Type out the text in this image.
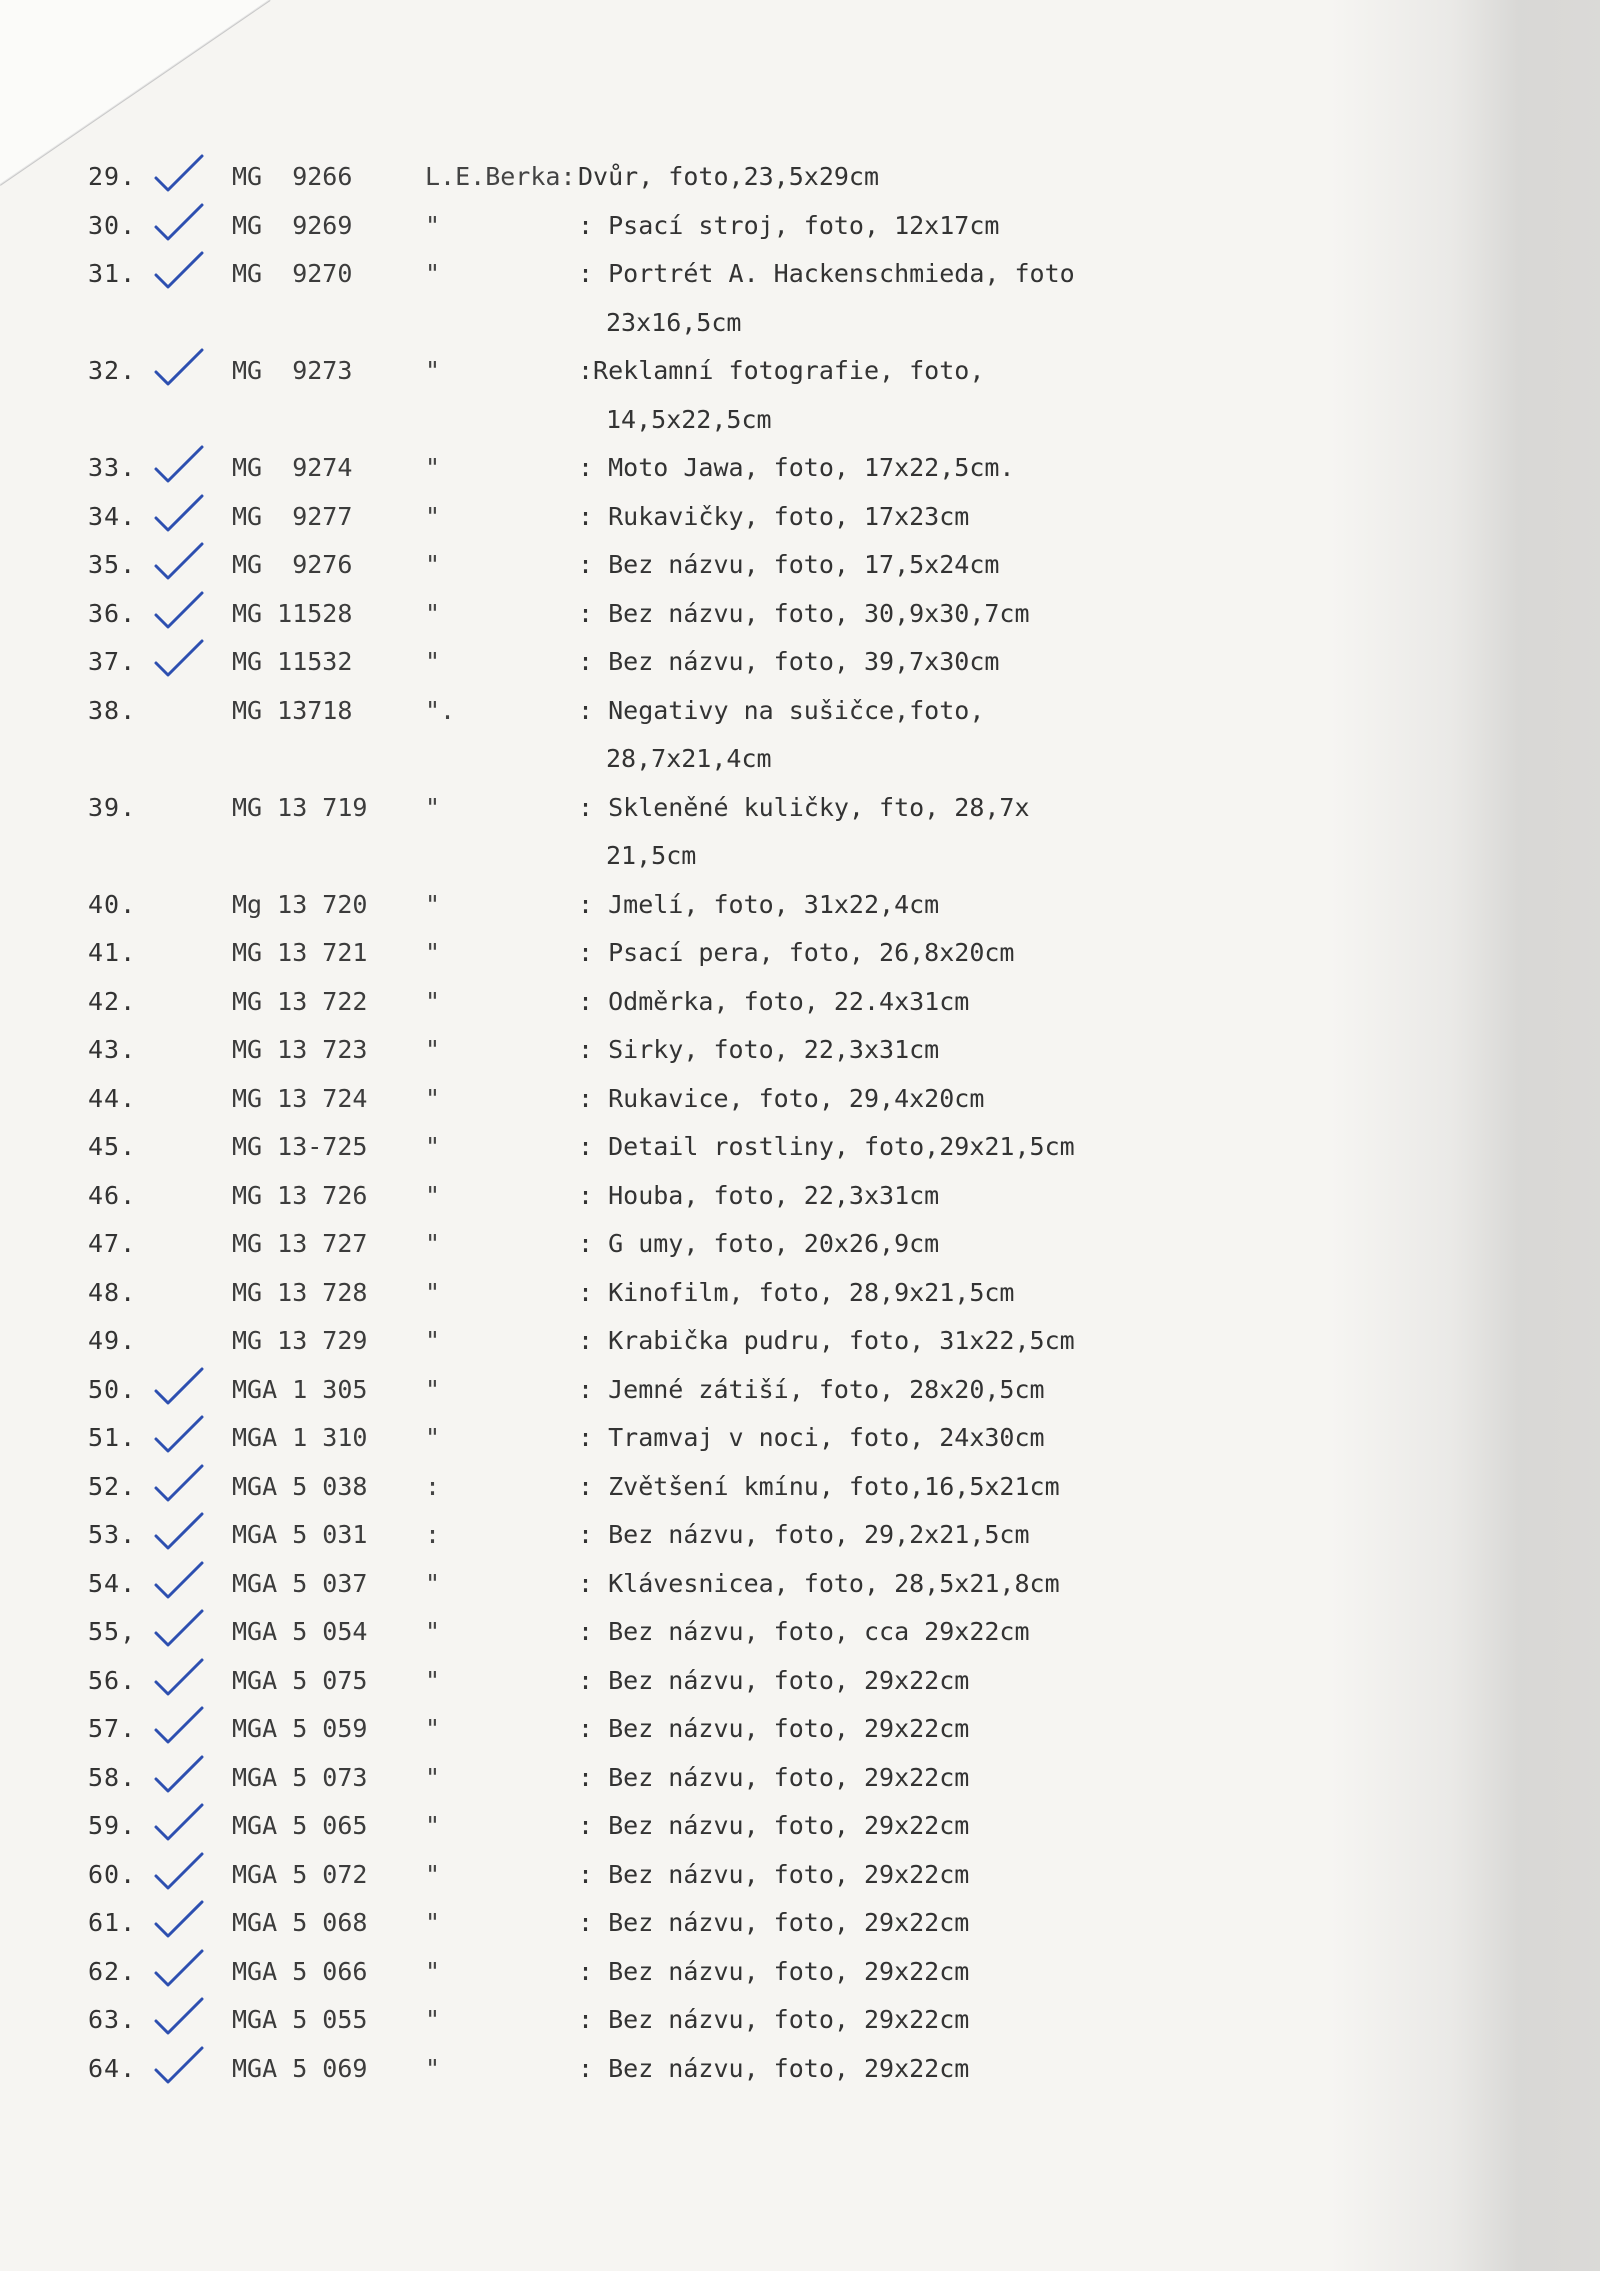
29.	MG  9266	L.E.Berka: Dvůr, foto,23,5x29cm
30.	MG  9269	"	: Psací stroj, foto, 12x17cm
31.	MG  9270	"	: Portrét A. Hackenschmieda, foto
23x16,5cm
32.	MG  9273	"	:Reklamní fotografie, foto,
14,5x22,5cm
33.	MG  9274	"	: Moto Jawa, foto, 17x22,5cm.
34.	MG  9277	"	: Rukavičky, foto, 17x23cm
35.	MG  9276	"	: Bez názvu, foto, 17,5x24cm
36.	MG 11528	"	: Bez názvu, foto, 30,9x30,7cm
37.	MG 11532	"	: Bez názvu, foto, 39,7x30cm
38.	MG 13718	".	: Negativy na sušičce,foto,
28,7x21,4cm
39.	MG 13 719 "	: Skleněné kuličky, fto, 28,7x
21,5cm
40.	Mg 13 720 "	: Jmelí, foto, 31x22,4cm
41.	MG 13 721 "	: Psací pera, foto, 26,8x20cm
42.	MG 13 722 "	: Odměrka, foto, 22.4x31cm
43.	MG 13 723 "	: Sirky, foto, 22,3x31cm
44.	MG 13 724 "	: Rukavice, foto, 29,4x20cm
45.	MG 13-725 "	: Detail rostliny, foto,29x21,5cm
46.	MG 13 726 "	: Houba, foto, 22,3x31cm
47.	MG 13 727 "	: G umy, foto, 20x26,9cm
48.	MG 13 728 "	: Kinofilm, foto, 28,9x21,5cm
49.	MG 13 729 "	: Krabička pudru, foto, 31x22,5cm
50.	MGA 1 305 "	: Jemné zátiší, foto, 28x20,5cm
51.	MGA 1 310 "	: Tramvaj v noci, foto, 24x30cm
52.	MGA 5 038 :	: Zvětšení kmínu, foto,16,5x21cm
53.	MGA 5 031 :	: Bez názvu, foto, 29,2x21,5cm
54.	MGA 5 037 "	: Klávesnicea, foto, 28,5x21,8cm
55,	MGA 5 054 "	: Bez názvu, foto, cca 29x22cm
56.	MGA 5 075 "	: Bez názvu, foto, 29x22cm
57.	MGA 5 059 "	: Bez názvu, foto, 29x22cm
58.	MGA 5 073 "	: Bez názvu, foto, 29x22cm
59.	MGA 5 065 "	: Bez názvu, foto, 29x22cm
60.	MGA 5 072 "	: Bez názvu, foto, 29x22cm
61.	MGA 5 068 "	: Bez názvu, foto, 29x22cm
62.	MGA 5 066 "	: Bez názvu, foto, 29x22cm
63.	MGA 5 055 "	: Bez názvu, foto, 29x22cm
64.	MGA 5 069 "	: Bez názvu, foto, 29x22cm
